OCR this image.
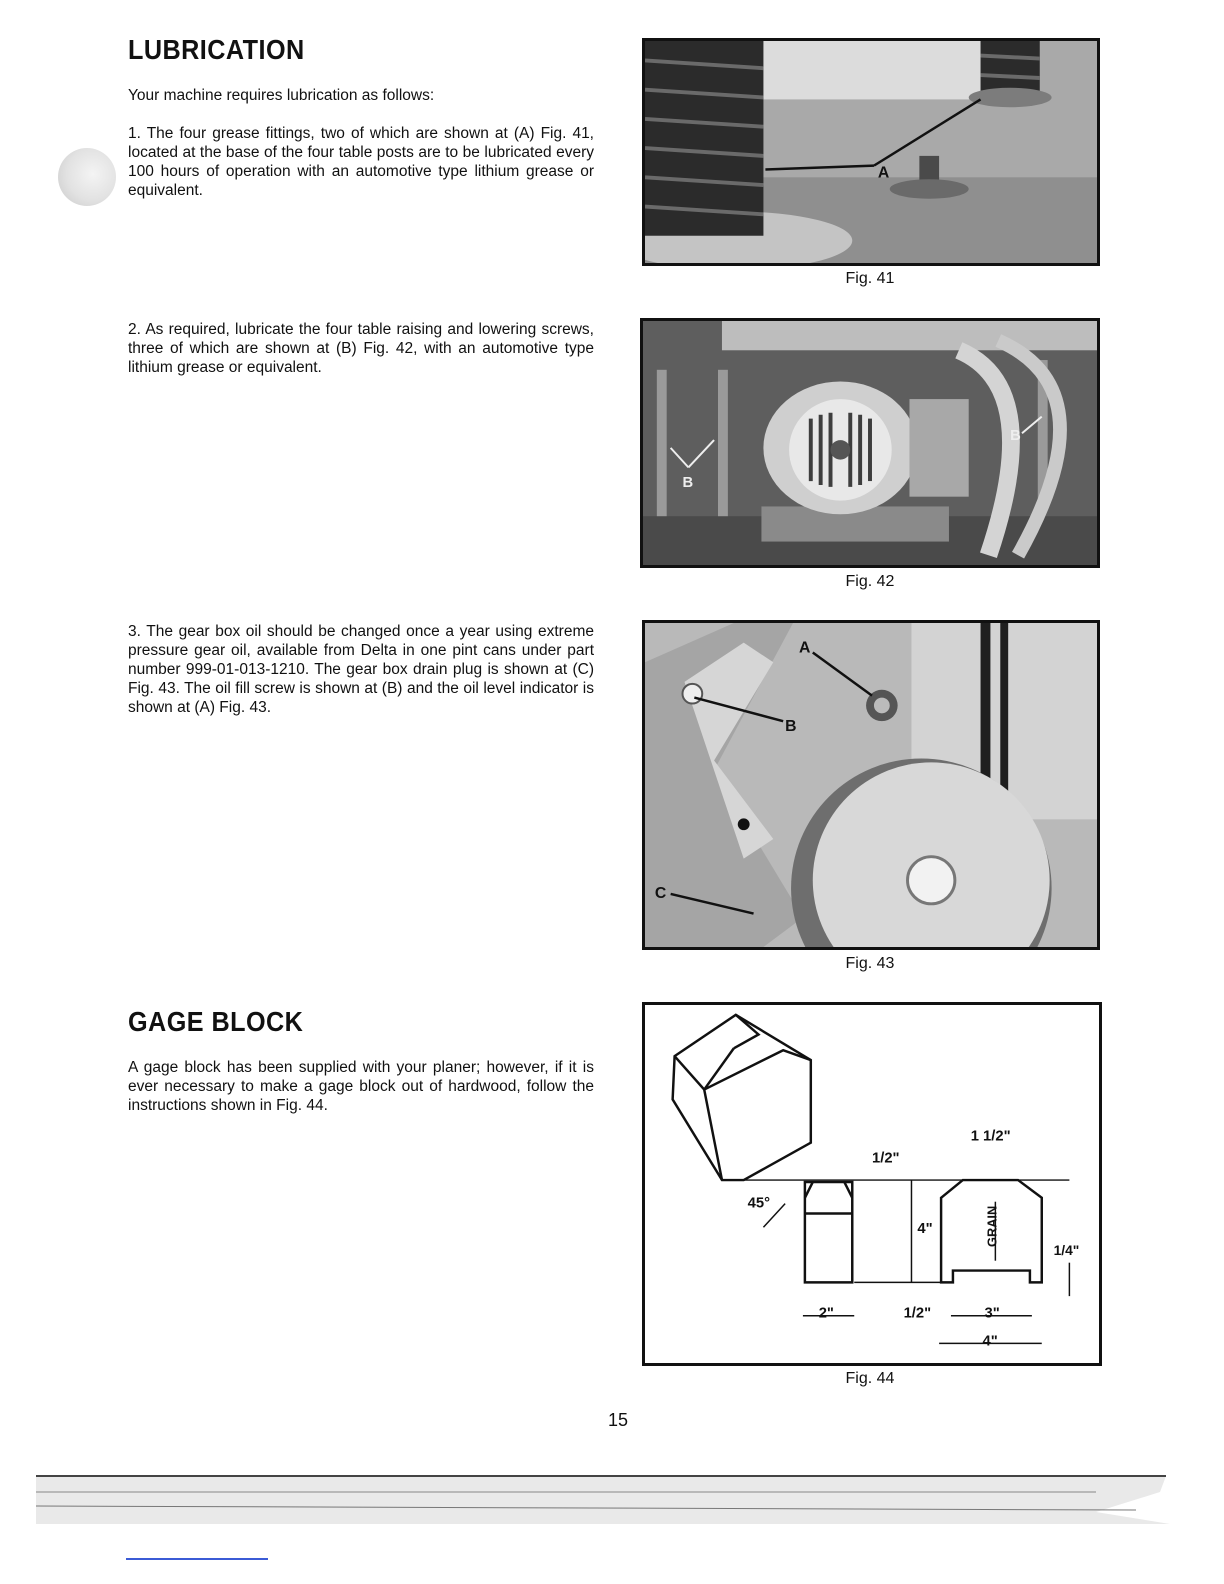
LUBRICATION

Your machine requires lubrication as follows:

1. The four grease fittings, two of which are shown at (A) Fig. 41, located at the base of the four table posts are to be lubricated every 100 hours of operation with an automotive type lithium grease or equivalent.

2. As required, lubricate the four table raising and lowering screws, three of which are shown at (B) Fig. 42, with an automotive type lithium grease or equivalent.

3. The gear box oil should be changed once a year using extreme pressure gear oil, available from Delta in one pint cans under part number 999-01-013-1210. The gear box drain plug is shown at (C) Fig. 43. The oil fill screw is shown at (B) and the oil level indicator is shown at (A) Fig. 43.

GAGE BLOCK

A gage block has been supplied with your planer; however, if it is ever necessary to make a gage block out of hardwood, follow the instructions shown in Fig. 44.

A
Fig. 41
B
B
Fig. 42
A
B
C
Fig. 43
1/2"
1 1/2"
45°
4"	GRAIN
1/4"
2"	1/2"	3"
4"
Fig. 44
15
